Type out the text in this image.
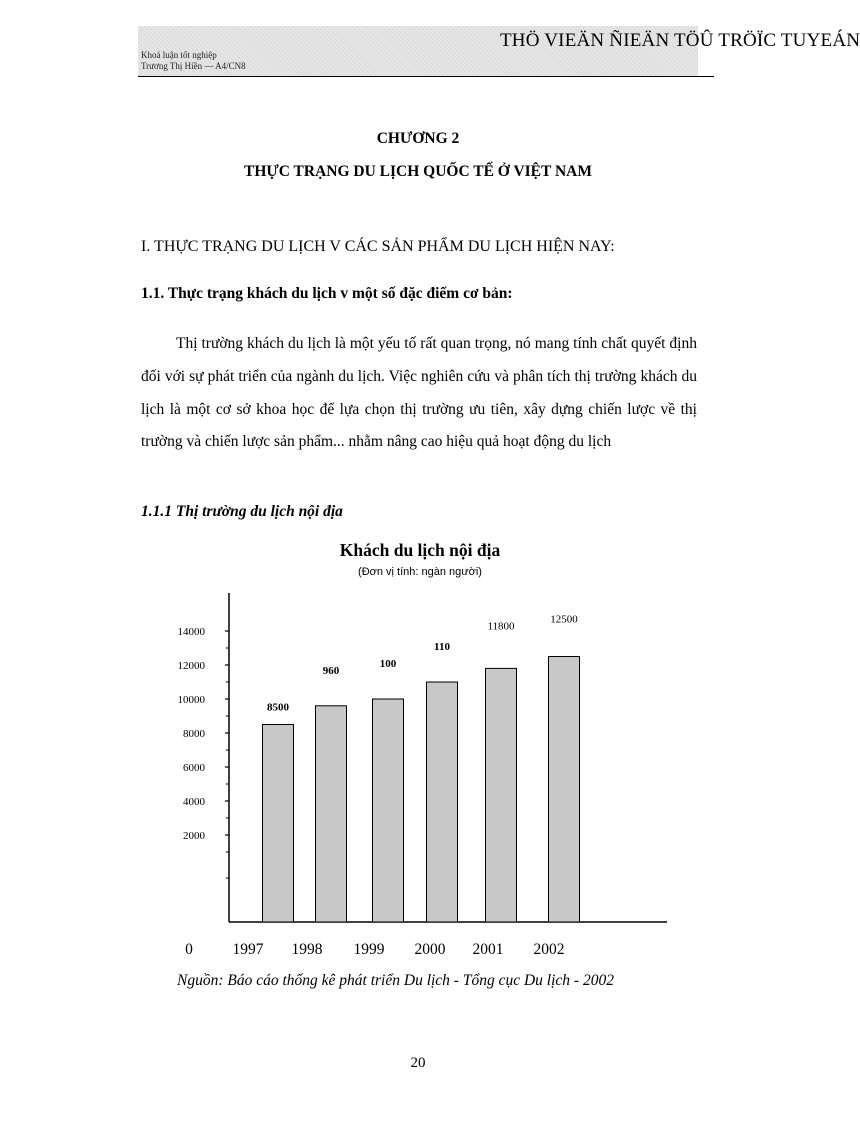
Khoá luận tốt nghiệp
Trương Thị Hiền — A4/CN8
THÖ VIEÄN ÑIEÄN TÖÛ TRÖÏC TUYEÁN
CHƯƠNG 2
THỰC TRẠNG DU LỊCH QUỐC TẾ Ở VIỆT NAM
I. THỰC TRẠNG DU LỊCH V CÁC SẢN PHẨM DU LỊCH HIỆN NAY:
1.1. Thực trạng khách du lịch v một số đặc điểm cơ bản:

Thị trường khách du lịch là một yếu tố rất quan trọng, nó mang tính chất quyết định đối với sự phát triển của ngành du lịch. Việc nghiên cứu và phân tích thị trường khách du lịch là một cơ sở khoa học để lựa chọn thị trường ưu tiên, xây dựng chiến lược về thị trường và chiến lược sản phẩm... nhằm nâng cao hiệu quả hoạt động du lịch

1.1.1 Thị trường du lịch nội địa
Khách du lịch nội địa
(Đơn vị tính: ngàn người)
2000
4000
6000
8000
10000
12000
14000
8500
960
100
110
11800
12500
1997 1998 1999 2000 2001 2002
0
Nguồn: Báo cáo thống kê phát triển Du lịch - Tổng cục Du lịch - 2002
20
